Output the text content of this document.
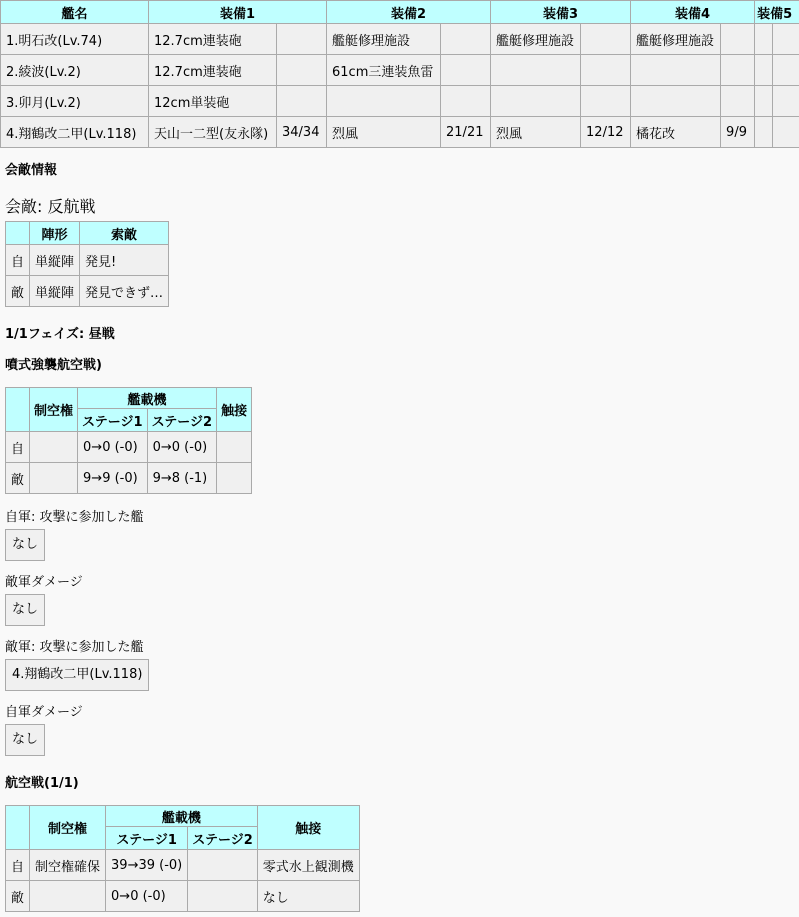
艦名	装備1		装備2		装備3		装備4		装備5	
1.明石改(Lv.74)	12.7cm連装砲		艦艇修理施設		艦艇修理施設		艦艇修理施設			
2.綾波(Lv.2)	12.7cm連装砲		61cm三連装魚雷							
3.卯月(Lv.2)	12cm単装砲									
4.翔鶴改二甲(Lv.118)	天山一二型(友永隊)	34/34	烈風	21/21	烈風	12/12	橘花改	9/9		
会敵情報
会敵: 反航戦
	陣形	索敵
自	単縦陣	発見!
敵	単縦陣	発見できず…
1/1フェイズ: 昼戦
噴式強襲航空戦)
	制空権	艦載機		触接
		ステージ1	ステージ2	
自		0→0 (-0)	0→0 (-0)	
敵		9→9 (-0)	9→8 (-1)	
自軍: 攻撃に参加した艦
なし
敵軍ダメージ
なし
敵軍: 攻撃に参加した艦
4.翔鶴改二甲(Lv.118)
自軍ダメージ
なし
航空戦(1/1)
	制空権	艦載機		触接
		ステージ1	ステージ2	
自	制空権確保	39→39 (-0)		零式水上観測機
敵		0→0 (-0)		なし
